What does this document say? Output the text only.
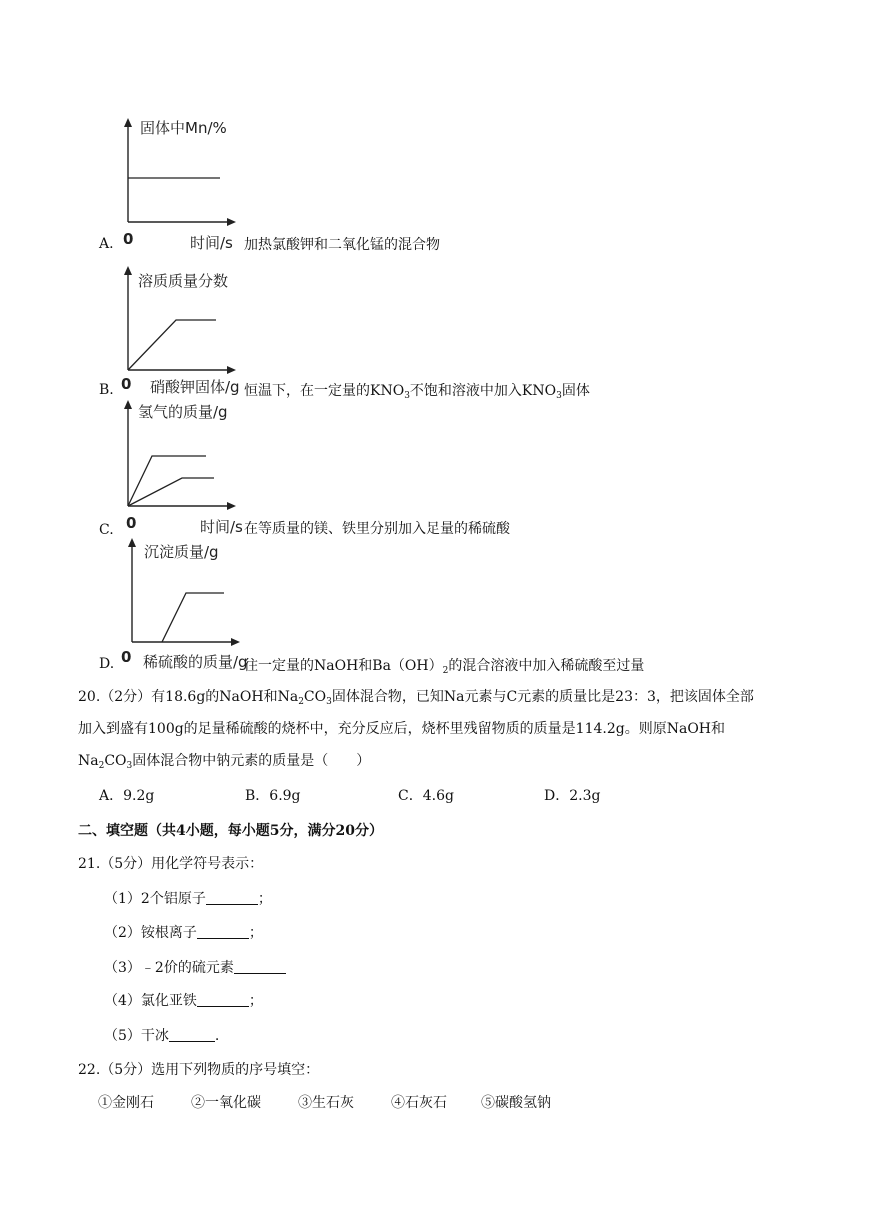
固体中Mn/%
A. 0	时间/s 加热氯酸钾和二氧化锰的混合物
溶质质量分数
B. 0 硝酸钾固体/g 恒温下，在一定量的$KNO_3$不饱和溶液中加入$KNO_3$固体
氢气的质量/g
C. 0	时间/s 在等质量的镁、铁里分别加入足量的稀硫酸
沉淀质量/g
D. 0 稀硫酸的质量/g
往一定量的NaOH和$Ba(OH)_2$的混合溶液中加入稀硫酸至过量
20.（2分）有18.6g的NaOH和$Na_2CO_3$固体混合物，已知Na元素与C元素的质量比是23：3，把该固体全部
加入到盛有100g的足量稀硫酸的烧杯中，充分反应后，烧杯里残留物质的质量是114.2g。则原NaOH和
$Na_2CO_3$固体混合物中钠元素的质量是（　　）
A．9.2g	B．6.9g	C．4.6g	D．2.3g
二、填空题（共4小题，每小题5分，满分20分）
21.（5分）用化学符号表示：
（1）2个铝原子	；
（2）铵根离子	；
（3）﹣2价的硫元素
（4）氯化亚铁	；
（5）干冰	.
22.（5分）选用下列物质的序号填空：
①金刚石	②一氧化碳	③生石灰	④石灰石 ⑤碳酸氢钠
